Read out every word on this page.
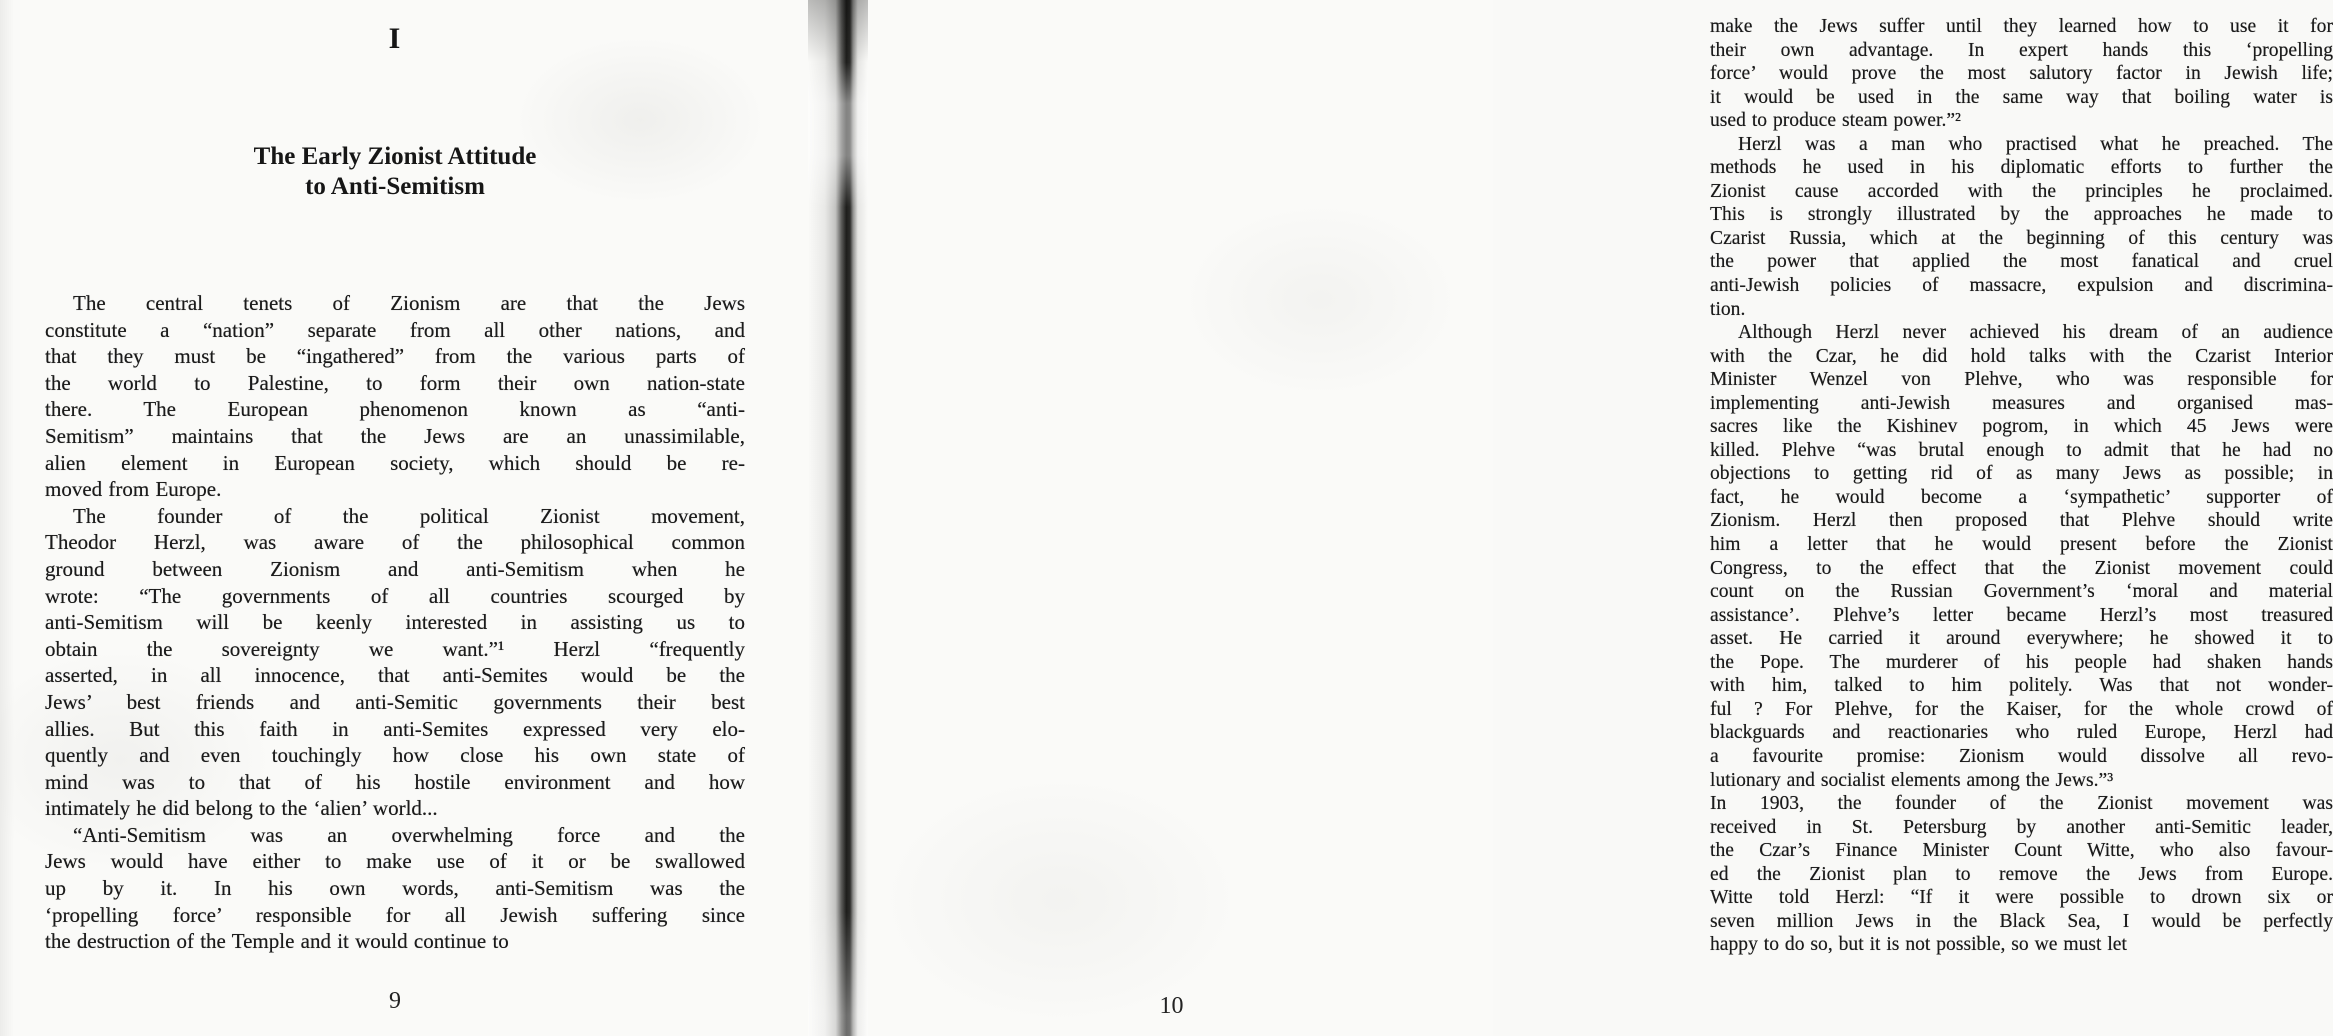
I
The Early Zionist Attitude
to Anti-Semitism
The central tenets of Zionism are that the Jews
constitute a “nation” separate from all other nations, and
that they must be “ingathered” from the various parts of
the world to Palestine, to form their own nation-state
there. The European phenomenon known as “anti-
Semitism” maintains that the Jews are an unassimilable,
alien element in European society, which should be re-
moved from Europe.
The founder of the political Zionist movement,
Theodor Herzl, was aware of the philosophical common
ground between Zionism and anti-Semitism when he
wrote: “The governments of all countries scourged by
anti-Semitism will be keenly interested in assisting us to
obtain the sovereignty we want.”¹ Herzl “frequently
asserted, in all innocence, that anti-Semites would be the
Jews’ best friends and anti-Semitic governments their best
allies. But this faith in anti-Semites expressed very elo-
quently and even touchingly how close his own state of
mind was to that of his hostile environment and how
intimately he did belong to the ‘alien’ world...
“Anti-Semitism was an overwhelming force and the
Jews would have either to make use of it or be swallowed
up by it. In his own words, anti-Semitism was the
‘propelling force’ responsible for all Jewish suffering since
the destruction of the Temple and it would continue to
9
make the Jews suffer until they learned how to use it for
their own advantage. In expert hands this ‘propelling
force’ would prove the most salutory factor in Jewish life;
it would be used in the same way that boiling water is
used to produce steam power.”²
Herzl was a man who practised what he preached. The
methods he used in his diplomatic efforts to further the
Zionist cause accorded with the principles he proclaimed.
This is strongly illustrated by the approaches he made to
Czarist Russia, which at the beginning of this century was
the power that applied the most fanatical and cruel
anti-Jewish policies of massacre, expulsion and discrimina-
tion.
Although Herzl never achieved his dream of an audience
with the Czar, he did hold talks with the Czarist Interior
Minister Wenzel von Plehve, who was responsible for
implementing anti-Jewish measures and organised mas-
sacres like the Kishinev pogrom, in which 45 Jews were
killed. Plehve “was brutal enough to admit that he had no
objections to getting rid of as many Jews as possible; in
fact, he would become a ‘sympathetic’ supporter of
Zionism. Herzl then proposed that Plehve should write
him a letter that he would present before the Zionist
Congress, to the effect that the Zionist movement could
count on the Russian Government’s ‘moral and material
assistance’. Plehve’s letter became Herzl’s most treasured
asset. He carried it around everywhere; he showed it to
the Pope. The murderer of his people had shaken hands
with him, talked to him politely. Was that not wonder-
ful ? For Plehve, for the Kaiser, for the whole crowd of
blackguards and reactionaries who ruled Europe, Herzl had
a favourite promise: Zionism would dissolve all revo-
lutionary and socialist elements among the Jews.”³
In 1903, the founder of the Zionist movement was
received in St. Petersburg by another anti-Semitic leader,
the Czar’s Finance Minister Count Witte, who also favour-
ed the Zionist plan to remove the Jews from Europe.
Witte told Herzl: “If it were possible to drown six or
seven million Jews in the Black Sea, I would be perfectly
happy to do so, but it is not possible, so we must let
10
